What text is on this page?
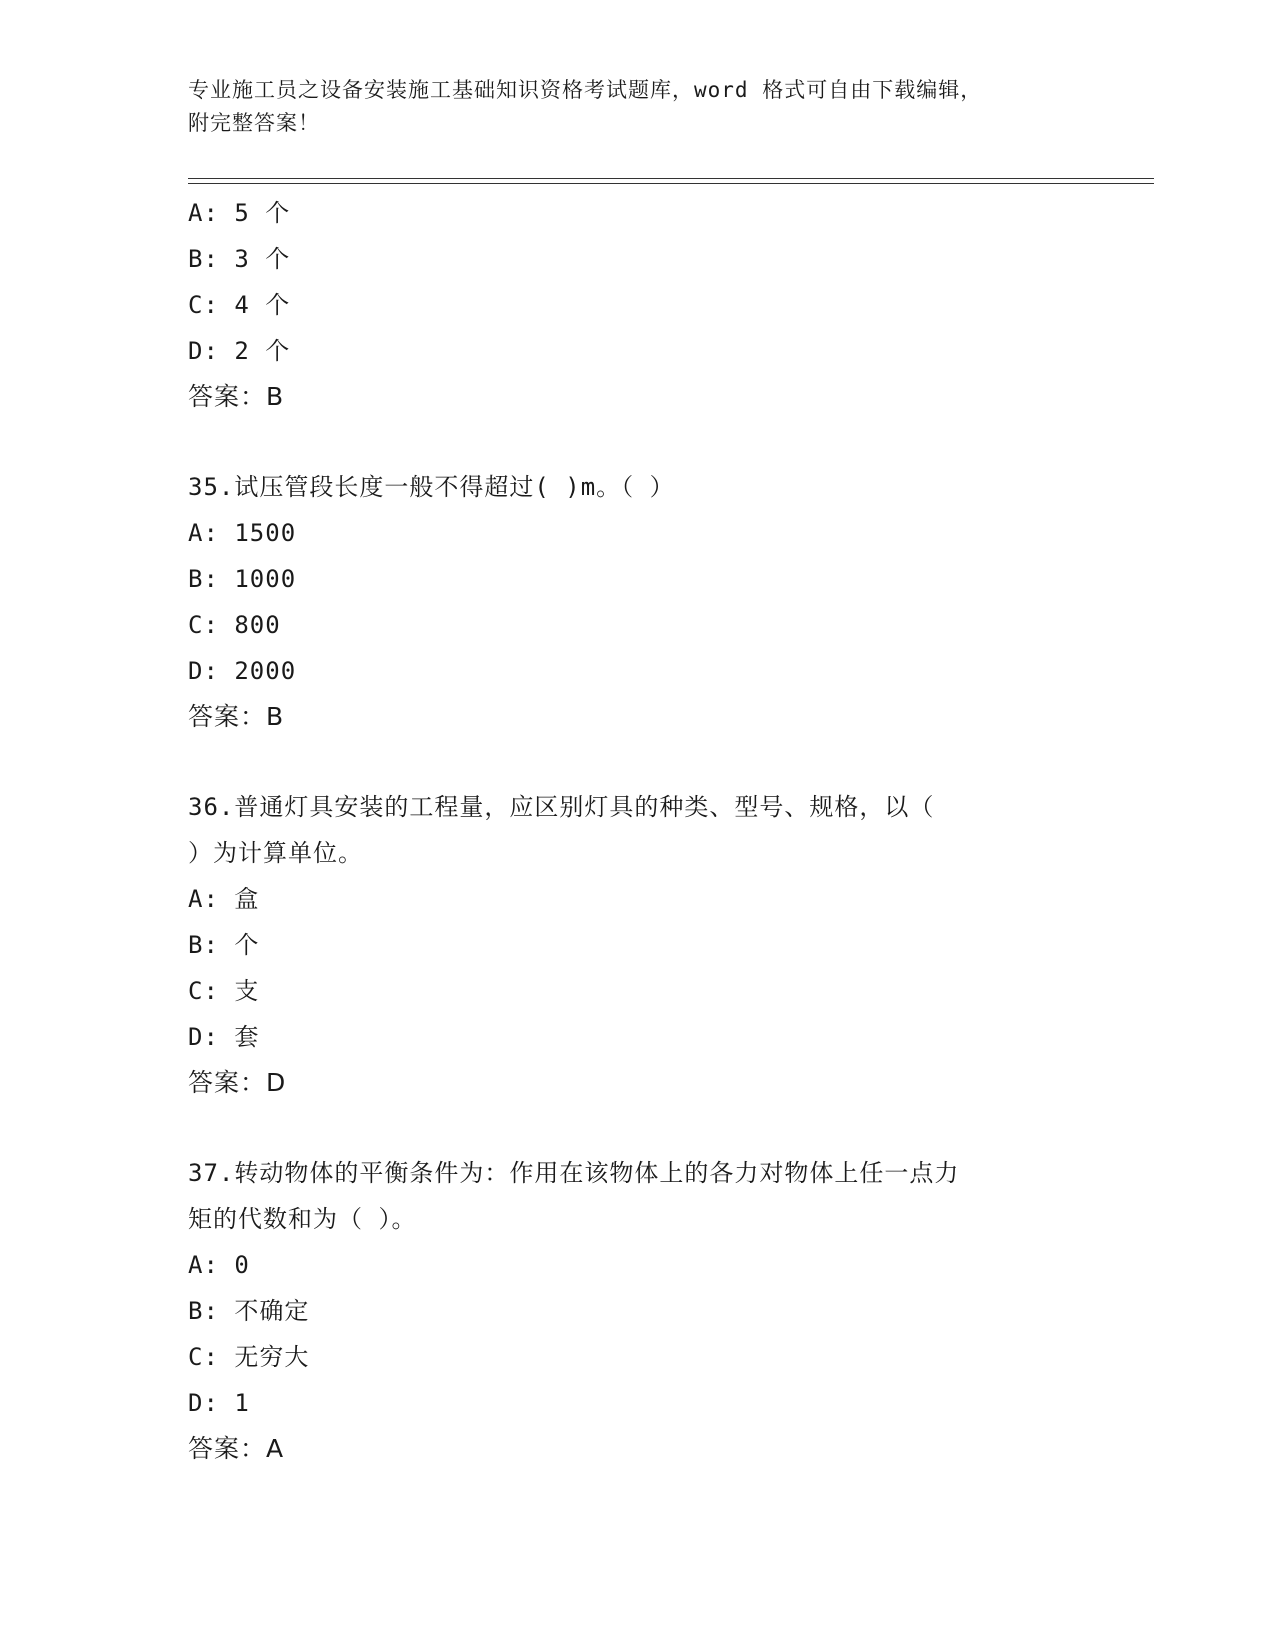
专业施工员之设备安装施工基础知识资格考试题库，word 格式可自由下载编辑，
附完整答案！
A: 5 个
B: 3 个
C: 4 个
D: 2 个
答案：B
35.试压管段长度一般不得超过( )m。（ ）
A: 1500
B: 1000
C: 800
D: 2000
答案：B
36.普通灯具安装的工程量，应区别灯具的种类、型号、规格，以（
）为计算单位。
A: 盒
B: 个
C: 支
D: 套
答案：D
37.转动物体的平衡条件为：作用在该物体上的各力对物体上任一点力
矩的代数和为（ ）。
A: 0
B: 不确定
C: 无穷大
D: 1
答案：A
